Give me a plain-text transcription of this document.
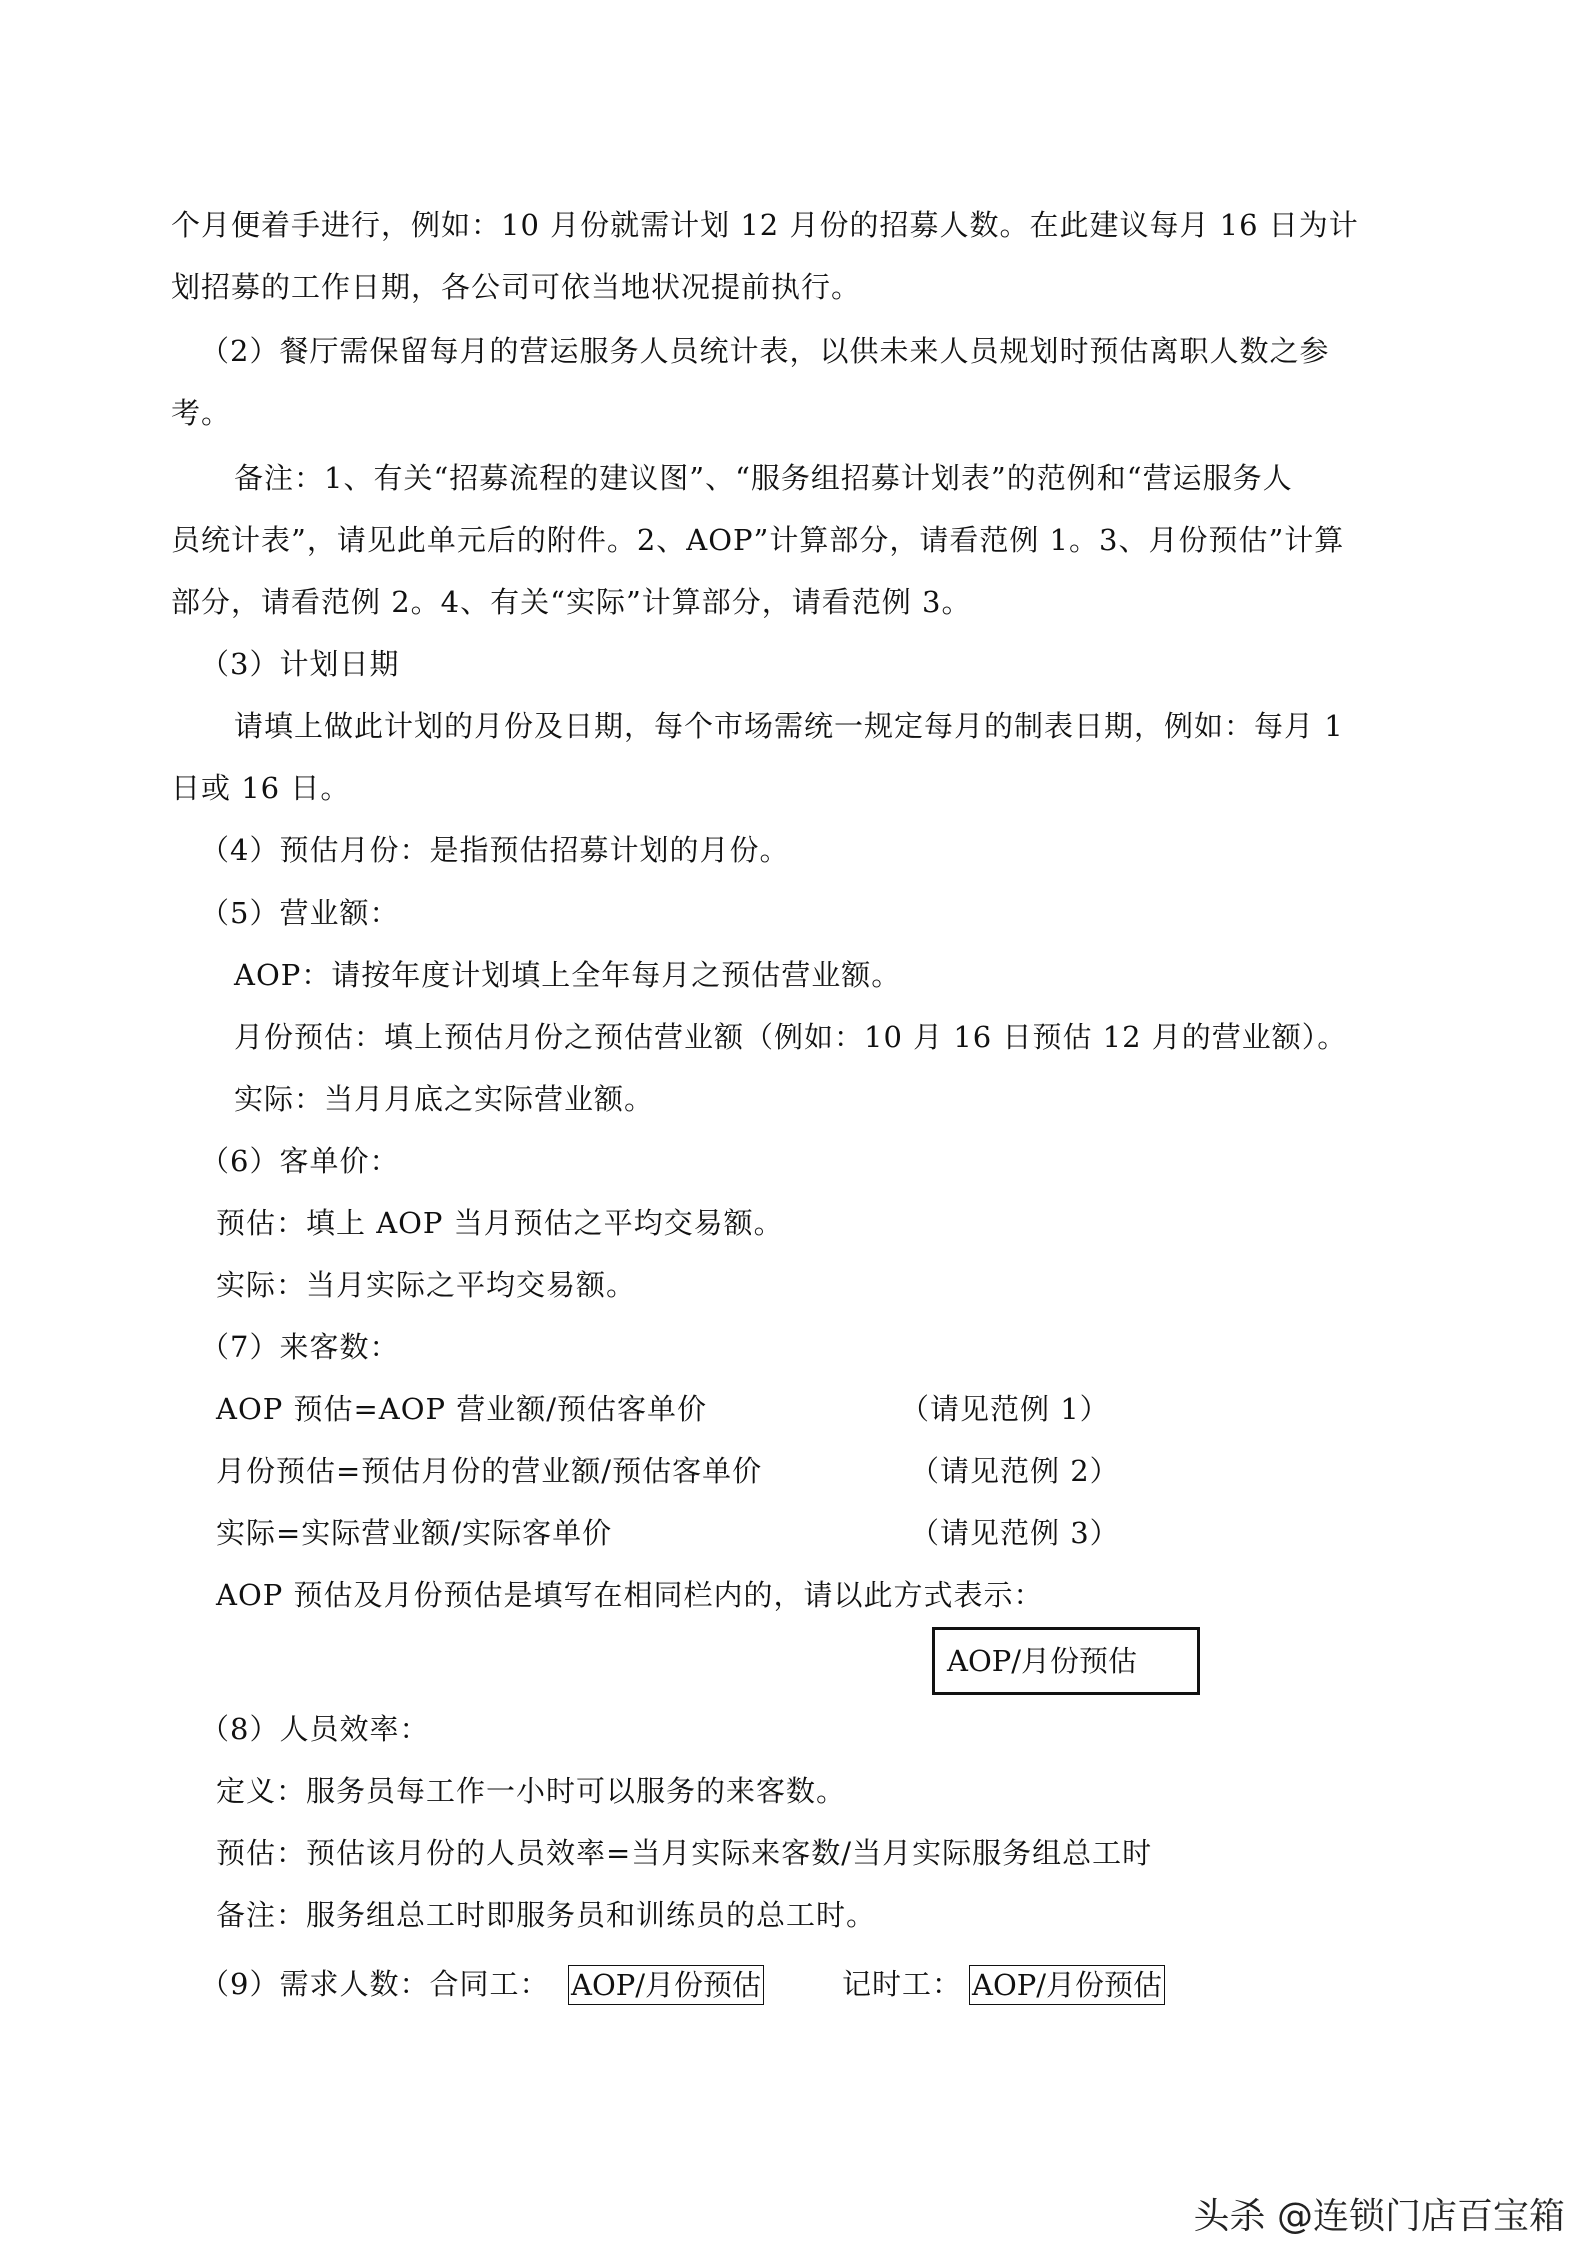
个月便着手进行，例如：10 月份就需计划 12 月份的招募人数。在此建议每月 16 日为计
划招募的工作日期，各公司可依当地状况提前执行。
（2）餐厅需保留每月的营运服务人员统计表，以供未来人员规划时预估离职人数之参
考。
备注：1、有关“招募流程的建议图”、“服务组招募计划表”的范例和“营运服务人
员统计表”，请见此单元后的附件。2、AOP”计算部分，请看范例 1。3、月份预估”计算
部分，请看范例 2。4、有关“实际”计算部分，请看范例 3。
（3）计划日期
请填上做此计划的月份及日期，每个市场需统一规定每月的制表日期，例如：每月 1
日或 16 日。
（4）预估月份：是指预估招募计划的月份。
（5）营业额：
AOP：请按年度计划填上全年每月之预估营业额。
月份预估：填上预估月份之预估营业额（例如：10 月 16 日预估 12 月的营业额）。
实际：当月月底之实际营业额。
（6）客单价：
预估：填上 AOP 当月预估之平均交易额。
实际：当月实际之平均交易额。
（7）来客数：
AOP 预估=AOP 营业额/预估客单价	（请见范例 1）
月份预估=预估月份的营业额/预估客单价	（请见范例 2）
实际=实际营业额/实际客单价	（请见范例 3）
AOP 预估及月份预估是填写在相同栏内的，请以此方式表示：
AOP/月份预估
（8）人员效率：
定义：服务员每工作一小时可以服务的来客数。
预估：预估该月份的人员效率=当月实际来客数/当月实际服务组总工时
备注：服务组总工时即服务员和训练员的总工时。
（9）需求人数：合同工： AOP/月份预估	记时工： AOP/月份预估
头杀 @连锁门店百宝箱
